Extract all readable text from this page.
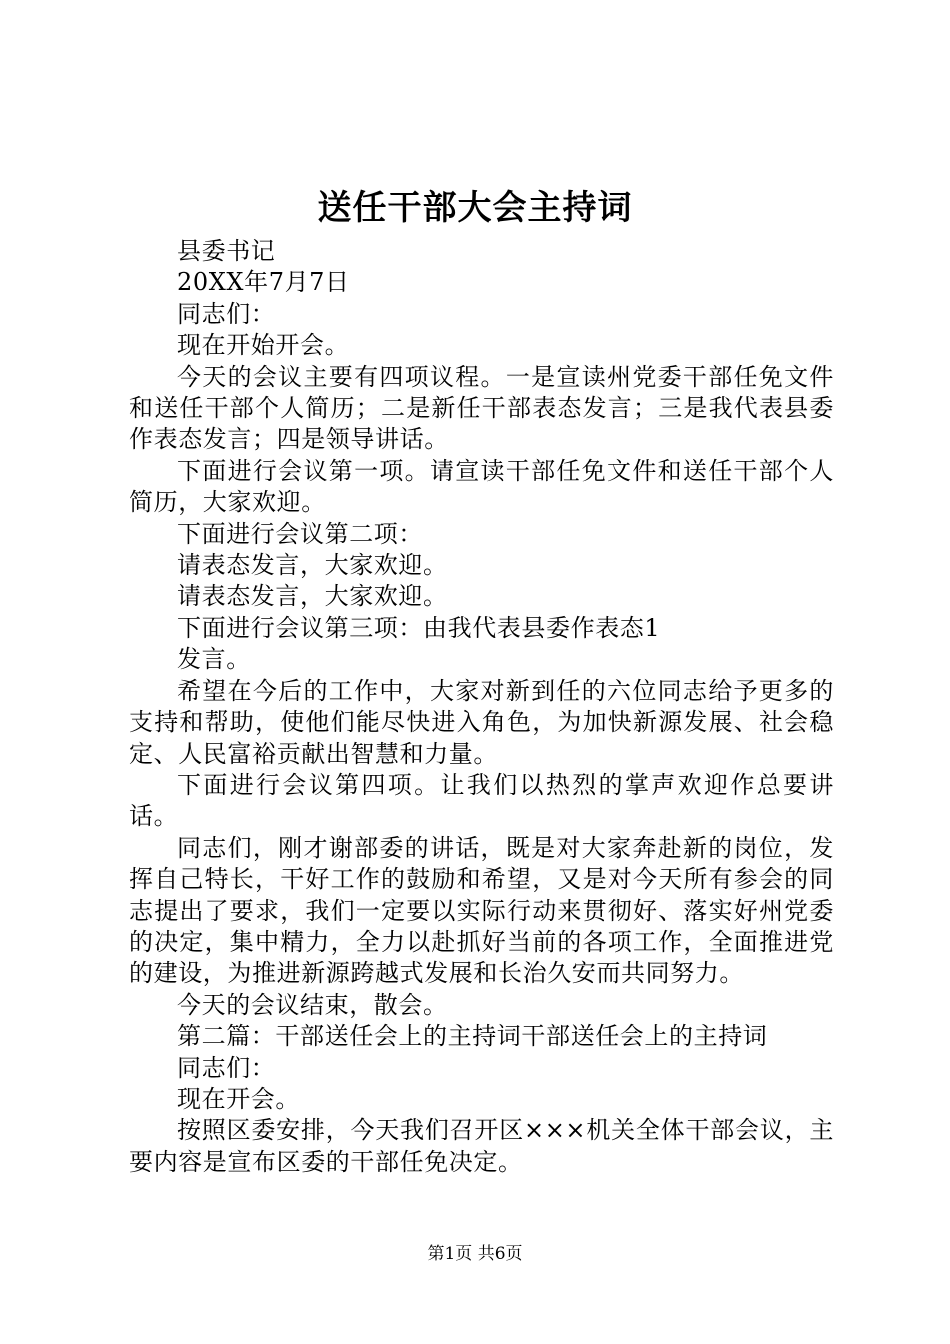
送任干部大会主持词

县委书记

20XX年7月7日

同志们：

现在开始开会。

今天的会议主要有四项议程。一是宣读州党委干部任免文件和送任干部个人简历；二是新任干部表态发言；三是我代表县委作表态发言；四是领导讲话。

下面进行会议第一项。请宣读干部任免文件和送任干部个人简历，大家欢迎。

下面进行会议第二项：

请表态发言，大家欢迎。

请表态发言，大家欢迎。

下面进行会议第三项：由我代表县委作表态1

发言。

希望在今后的工作中，大家对新到任的六位同志给予更多的支持和帮助，使他们能尽快进入角色，为加快新源发展、社会稳定、人民富裕贡献出智慧和力量。

下面进行会议第四项。让我们以热烈的掌声欢迎作总要讲话。

同志们，刚才谢部委的讲话，既是对大家奔赴新的岗位，发挥自己特长，干好工作的鼓励和希望，又是对今天所有参会的同志提出了要求，我们一定要以实际行动来贯彻好、落实好州党委的决定，集中精力，全力以赴抓好当前的各项工作，全面推进党的建设，为推进新源跨越式发展和长治久安而共同努力。

今天的会议结束，散会。

第二篇：干部送任会上的主持词干部送任会上的主持词

同志们：

现在开会。

按照区委安排，今天我们召开区×××机关全体干部会议，主要内容是宣布区委的干部任免决定。

第1页 共6页
